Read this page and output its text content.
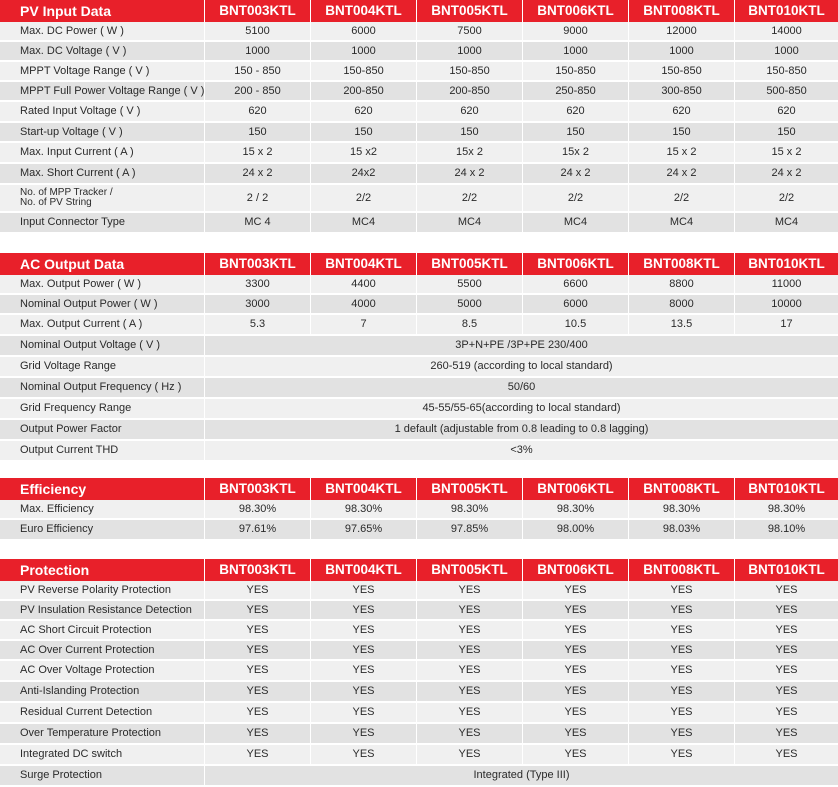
PV Input Data	BNT003KTL	BNT004KTL	BNT005KTL	BNT006KTL	BNT008KTL	BNT010KTL
Max. DC Power ( W )	5100	6000	7500	9000	12000	14000
Max. DC Voltage ( V )	1000	1000	1000	1000	1000	1000
MPPT Voltage Range ( V )	150 - 850	150-850	150-850	150-850	150-850	150-850
MPPT Full Power Voltage Range ( V )	200 - 850	200-850	200-850	250-850	300-850	500-850
Rated Input Voltage ( V )	620	620	620	620	620	620
Start-up Voltage ( V )	150	150	150	150	150	150
Max. Input Current ( A )	15 x 2	15 x2	15x 2	15x 2	15 x 2	15 x 2
Max. Short Current ( A )	24 x 2	24x2	24 x 2	24 x 2	24 x 2	24 x 2

No. of MPP Tracker /
No. of PV String	2 / 2	2/2	2/2	2/2	2/2	2/2
Input Connector Type	MC 4	MC4	MC4	MC4	MC4	MC4
AC Output Data	BNT003KTL	BNT004KTL	BNT005KTL	BNT006KTL	BNT008KTL	BNT010KTL
Max. Output Power ( W )	3300	4400	5500	6600	8800	11000
Nominal Output Power ( W )	3000	4000	5000	6000	8000	10000
Max. Output Current ( A )	5.3	7	8.5	10.5	13.5	17
Nominal Output Voltage ( V )	3P+N+PE /3P+PE 230/400					
Grid Voltage Range	260-519 (according to local standard)					
Nominal Output Frequency ( Hz )	50/60					
Grid Frequency Range	45-55/55-65(according to local standard)					
Output Power Factor	1 default (adjustable from 0.8 leading to 0.8 lagging)					
Output Current THD	<3%					
Efficiency	BNT003KTL	BNT004KTL	BNT005KTL	BNT006KTL	BNT008KTL	BNT010KTL
Max. Efficiency	98.30%	98.30%	98.30%	98.30%	98.30%	98.30%
Euro Efficiency	97.61%	97.65%	97.85%	98.00%	98.03%	98.10%
Protection	BNT003KTL	BNT004KTL	BNT005KTL	BNT006KTL	BNT008KTL	BNT010KTL
PV Reverse Polarity Protection	YES	YES	YES	YES	YES	YES
PV Insulation Resistance Detection	YES	YES	YES	YES	YES	YES
AC Short Circuit Protection	YES	YES	YES	YES	YES	YES
AC Over Current Protection	YES	YES	YES	YES	YES	YES
AC Over Voltage Protection	YES	YES	YES	YES	YES	YES
Anti-Islanding Protection	YES	YES	YES	YES	YES	YES
Residual Current Detection	YES	YES	YES	YES	YES	YES
Over Temperature Protection	YES	YES	YES	YES	YES	YES
Integrated DC switch	YES	YES	YES	YES	YES	YES
Surge Protection	Integrated (Type III)					
